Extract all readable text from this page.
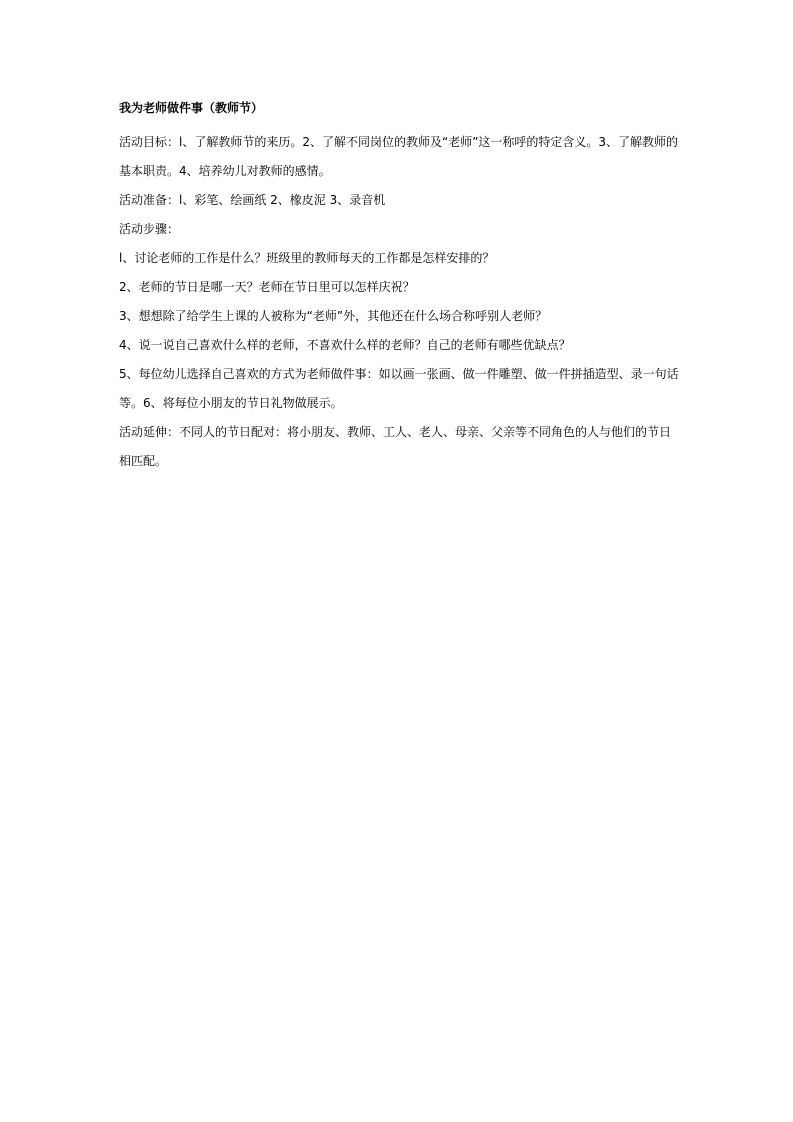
我为老师做件事（教师节）

活动目标：l、了解教师节的来历。2、了解不同岗位的教师及“老师”这一称呼的特定含义。3、了解教师的
基本职责。4、培养幼儿对教师的感情。

活动准备：l、彩笔、绘画纸 2、橡皮泥 3、录音机

活动步骤：

l、讨论老师的工作是什么？班级里的教师每天的工作都是怎样安排的？

2、老师的节日是哪一天？老师在节日里可以怎样庆祝？

3、想想除了给学生上课的人被称为“老师”外，其他还在什么场合称呼别人老师？

4、说一说自己喜欢什么样的老师，不喜欢什么样的老师？自己的老师有哪些优缺点？

5、每位幼儿选择自己喜欢的方式为老师做件事：如以画一张画、做一件雕塑、做一件拼插造型、录一句话
等。6、将每位小朋友的节日礼物做展示。

活动延伸：不同人的节日配对：将小朋友、教师、工人、老人、母亲、父亲等不同角色的人与他们的节日
相匹配。
